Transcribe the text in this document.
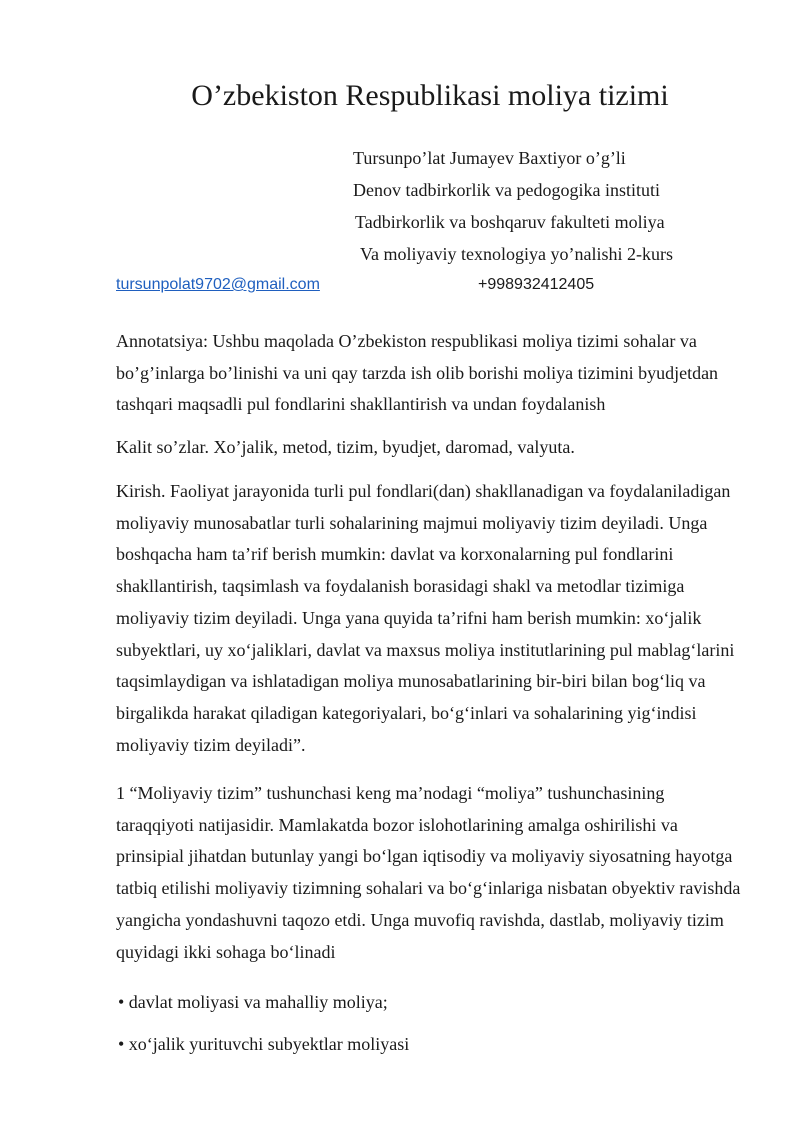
O’zbekiston Respublikasi moliya tizimi
Tursunpo’lat Jumayev Baxtiyor o’g’li
Denov tadbirkorlik va pedogogika instituti
Tadbirkorlik va boshqaruv fakulteti moliya
Va moliyaviy texnologiya yo’nalishi 2-kurs
tursunpolat9702@gmail.com	+998932412405

Annotatsiya: Ushbu maqolada O’zbekiston respublikasi moliya tizimi sohalar va bo’g’inlarga bo’linishi va uni qay tarzda ish olib borishi moliya tizimini byudjetdan tashqari maqsadli pul fondlarini shakllantirish va undan foydalanish

Kalit so’zlar. Xo’jalik, metod, tizim, byudjet, daromad, valyuta.

Kirish. Faoliyat jarayonida turli pul fondlari(dan) shakllanadigan va foydalaniladigan moliyaviy munosabatlar turli sohalarining majmui moliyaviy tizim deyiladi. Unga boshqacha ham ta’rif berish mumkin: davlat va korxonalarning pul fondlarini shakllantirish, taqsimlash va foydalanish borasidagi shakl va metodlar tizimiga moliyaviy tizim deyiladi. Unga yana quyida ta’rifni ham berish mumkin: xo‘jalik subyektlari, uy xo‘jaliklari, davlat va maxsus moliya institutlarining pul mablag‘larini taqsimlaydigan va ishlatadigan moliya munosabatlarining bir-biri bilan bog‘liq va birgalikda harakat qiladigan kategoriyalari, bo‘g‘inlari va sohalarining yig‘indisi moliyaviy tizim deyiladi”.

1 “Moliyaviy tizim” tushunchasi keng ma’nodagi “moliya” tushunchasining taraqqiyoti natijasidir. Mamlakatda bozor islohotlarining amalga oshirilishi va prinsipial jihatdan butunlay yangi bo‘lgan iqtisodiy va moliyaviy siyosatning hayotga tatbiq etilishi moliyaviy tizimning sohalari va bo‘g‘inlariga nisbatan obyektiv ravishda yangicha yondashuvni taqozo etdi. Unga muvofiq ravishda, dastlab, moliyaviy tizim quyidagi ikki sohaga bo‘linadi

• davlat moliyasi va mahalliy moliya;
• xo‘jalik yurituvchi subyektlar moliyasi
